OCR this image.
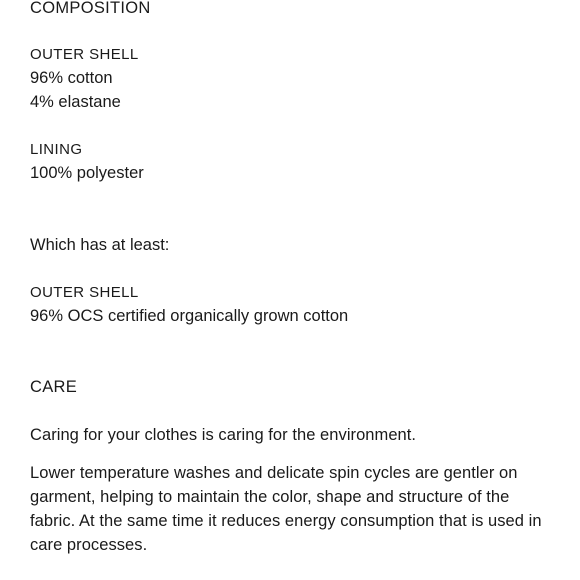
COMPOSITION

OUTER SHELL

96% cotton

4% elastane

LINING

100% polyester

Which has at least:

OUTER SHELL

96% OCS certified organically grown cotton

CARE

Caring for your clothes is caring for the environment.

Lower temperature washes and delicate spin cycles are gentler on garment, helping to maintain the color, shape and structure of the fabric. At the same time it reduces energy consumption that is used in care processes.
